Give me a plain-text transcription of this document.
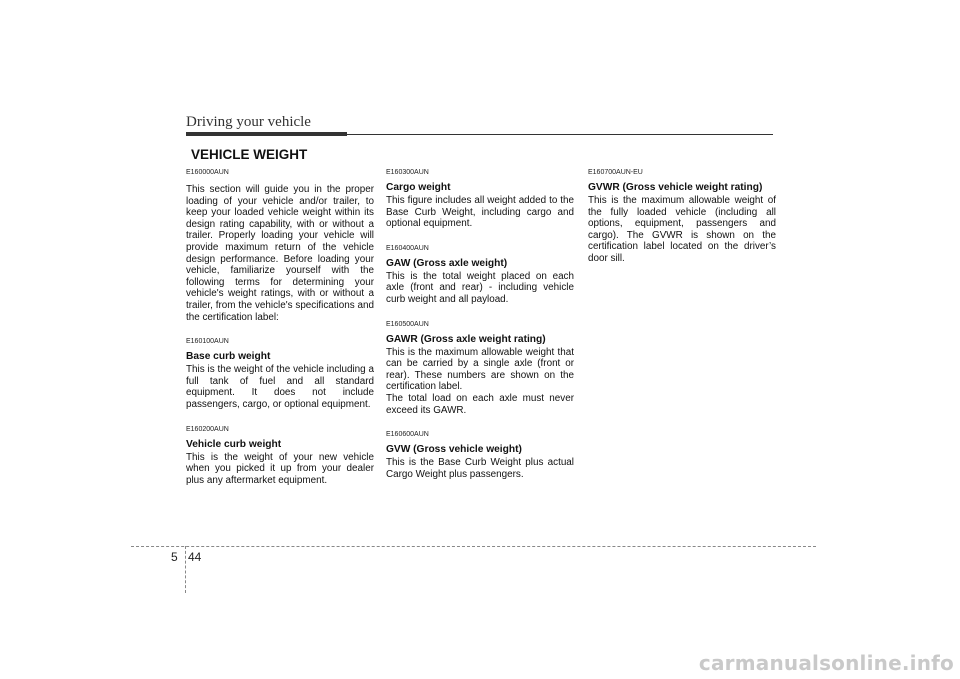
Driving your vehicle
VEHICLE WEIGHT
E160000AUN

This section will guide you in the proper loading of your vehicle and/or trailer, to keep your loaded vehicle weight within its design rating capability, with or without a trailer. Properly loading your vehicle will provide maximum return of the vehicle design performance. Before loading your vehicle, familiarize yourself with the following terms for determining your vehicle's weight ratings, with or without a trailer, from the vehicle's specifications and the certification label:

E160100AUN
Base curb weight

This is the weight of the vehicle including a full tank of fuel and all standard equipment. It does not include passengers, cargo, or optional equipment.

E160200AUN
Vehicle curb weight

This is the weight of your new vehicle when you picked it up from your dealer plus any aftermarket equipment.

E160300AUN
Cargo weight

This figure includes all weight added to the Base Curb Weight, including cargo and optional equipment.

E160400AUN
GAW (Gross axle weight)

This is the total weight placed on each axle (front and rear) - including vehicle curb weight and all payload.

E160500AUN
GAWR (Gross axle weight rating)

This is the maximum allowable weight that can be carried by a single axle (front or rear). These numbers are shown on the certification label.

The total load on each axle must never exceed its GAWR.

E160600AUN
GVW (Gross vehicle weight)

This is the Base Curb Weight plus actual Cargo Weight plus passengers.

E160700AUN-EU
GVWR (Gross vehicle weight rating)

This is the maximum allowable weight of the fully loaded vehicle (including all options, equipment, passengers and cargo). The GVWR is shown on the certification label located on the driver’s door sill.

5 44
carmanualsonline.info
